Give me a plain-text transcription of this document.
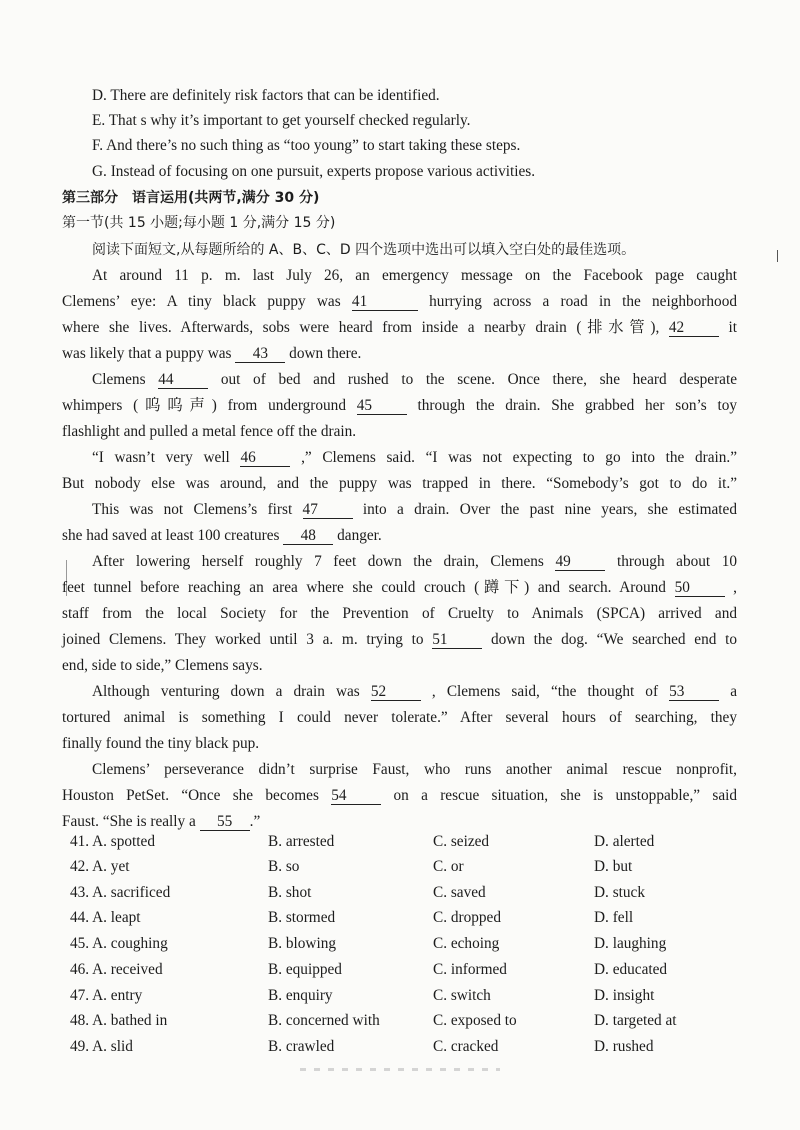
D. There are definitely risk factors that can be identified.
E. That s why it’s important to get yourself checked regularly.
F. And there’s no such thing as “too young” to start taking these steps.
G. Instead of focusing on one pursuit, experts propose various activities.
第三部分　语言运用(共两节,满分 30 分)
第一节(共 15 小题;每小题 1 分,满分 15 分)
阅读下面短文,从每题所给的 A、B、C、D 四个选项中选出可以填入空白处的最佳选项。
At around 11 p. m. last July 26, an emergency message on the Facebook page caught
Clemens’ eye: A tiny black puppy was 41	hurrying across a road in the neighborhood
where she lives. Afterwards, sobs were heard from inside a nearby drain (排水管), 42	it
was likely that a puppy was 43 down there.
Clemens 44	out of bed and rushed to the scene. Once there, she heard desperate
whimpers (呜呜声) from underground 45	through the drain. She grabbed her son’s toy
flashlight and pulled a metal fence off the drain.
“I wasn’t very well 46	,” Clemens said. “I was not expecting to go into the drain.”
But nobody else was around, and the puppy was trapped in there. “Somebody’s got to do it.”
This was not Clemens’s first 47	into a drain. Over the past nine years, she estimated
she had saved at least 100 creatures 48 danger.
After lowering herself roughly 7 feet down the drain, Clemens 49	through about 10
feet tunnel before reaching an area where she could crouch (蹲下) and search. Around 50	,
staff from the local Society for the Prevention of Cruelty to Animals (SPCA) arrived and
joined Clemens. They worked until 3 a. m. trying to 51	down the dog. “We searched end to
end, side to side,” Clemens says.
Although venturing down a drain was 52	, Clemens said, “the thought of 53	a
tortured animal is something I could never tolerate.” After several hours of searching, they
finally found the tiny black pup.
Clemens’ perseverance didn’t surprise Faust, who runs another animal rescue nonprofit,
Houston PetSet. “Once she becomes 54	on a rescue situation, she is unstoppable,” said
Faust. “She is really a 55 .”
41. A. spotted	B. arrested	C. seized	D. alerted
42. A. yet	B. so	C. or	D. but
43. A. sacrificed	B. shot	C. saved	D. stuck
44. A. leapt	B. stormed	C. dropped	D. fell
45. A. coughing	B. blowing	C. echoing	D. laughing
46. A. received	B. equipped	C. informed	D. educated
47. A. entry	B. enquiry	C. switch	D. insight
48. A. bathed in	B. concerned with	C. exposed to	D. targeted at
49. A. slid	B. crawled	C. cracked	D. rushed
